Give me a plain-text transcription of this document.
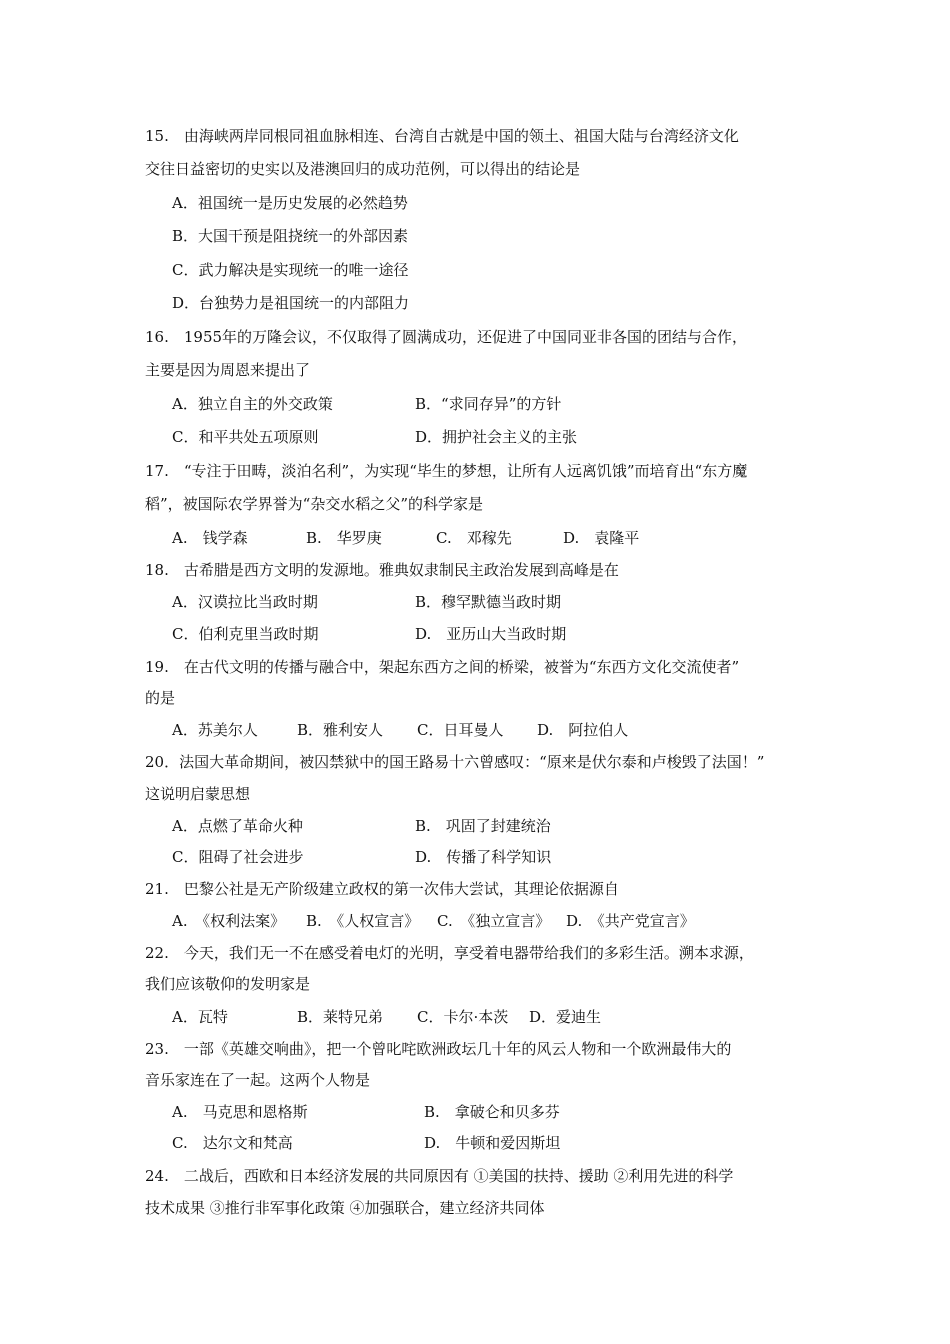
15.　由海峡两岸同根同祖血脉相连、台湾自古就是中国的领土、祖国大陆与台湾经济文化
交往日益密切的史实以及港澳回归的成功范例，可以得出的结论是
A．祖国统一是历史发展的必然趋势
B．大国干预是阻挠统一的外部因素
C．武力解决是实现统一的唯一途径
D．台独势力是祖国统一的内部阻力
16.　1955年的万隆会议，不仅取得了圆满成功，还促进了中国同亚非各国的团结与合作，
主要是因为周恩来提出了
A．独立自主的外交政策	B．“求同存异”的方针
C．和平共处五项原则	D．拥护社会主义的主张
17.　“专注于田畴，淡泊名利”，为实现“毕生的梦想，让所有人远离饥饿”而培育出“东方魔
稻”，被国际农学界誉为“杂交水稻之父”的科学家是
A.　钱学森	B.　华罗庚	C.　邓稼先	D.　袁隆平
18.　古希腊是西方文明的发源地。雅典奴隶制民主政治发展到高峰是在
A．汉谟拉比当政时期	B．穆罕默德当政时期
C．伯利克里当政时期	D.　亚历山大当政时期
19.　在古代文明的传播与融合中，架起东西方之间的桥梁，被誉为“东西方文化交流使者”
的是
A．苏美尔人	B．雅利安人 C．日耳曼人 D.　阿拉伯人
20．法国大革命期间，被囚禁狱中的国王路易十六曾感叹：“原来是伏尔泰和卢梭毁了法国！”
这说明启蒙思想
A．点燃了革命火种	B.　巩固了封建统治
C．阻碍了社会进步	D.　传播了科学知识
21.　巴黎公社是无产阶级建立政权的第一次伟大尝试，其理论依据源自
A.　《权利法案》 B.　《人权宣言》 C.　《独立宣言》 D.　《共产党宣言》
22.　今天，我们无一不在感受着电灯的光明，享受着电器带给我们的多彩生活。溯本求源，
我们应该敬仰的发明家是
A．瓦特	B．莱特兄弟 C．卡尔·本茨 D．爱迪生
23.　一部《英雄交响曲》，把一个曾叱咤欧洲政坛几十年的风云人物和一个欧洲最伟大的
音乐家连在了一起。这两个人物是
A.　马克思和恩格斯	B.　拿破仑和贝多芬
C.　达尔文和梵高	D.　牛顿和爱因斯坦
24.　二战后，西欧和日本经济发展的共同原因有 ①美国的扶持、援助 ②利用先进的科学
技术成果 ③推行非军事化政策 ④加强联合，建立经济共同体
